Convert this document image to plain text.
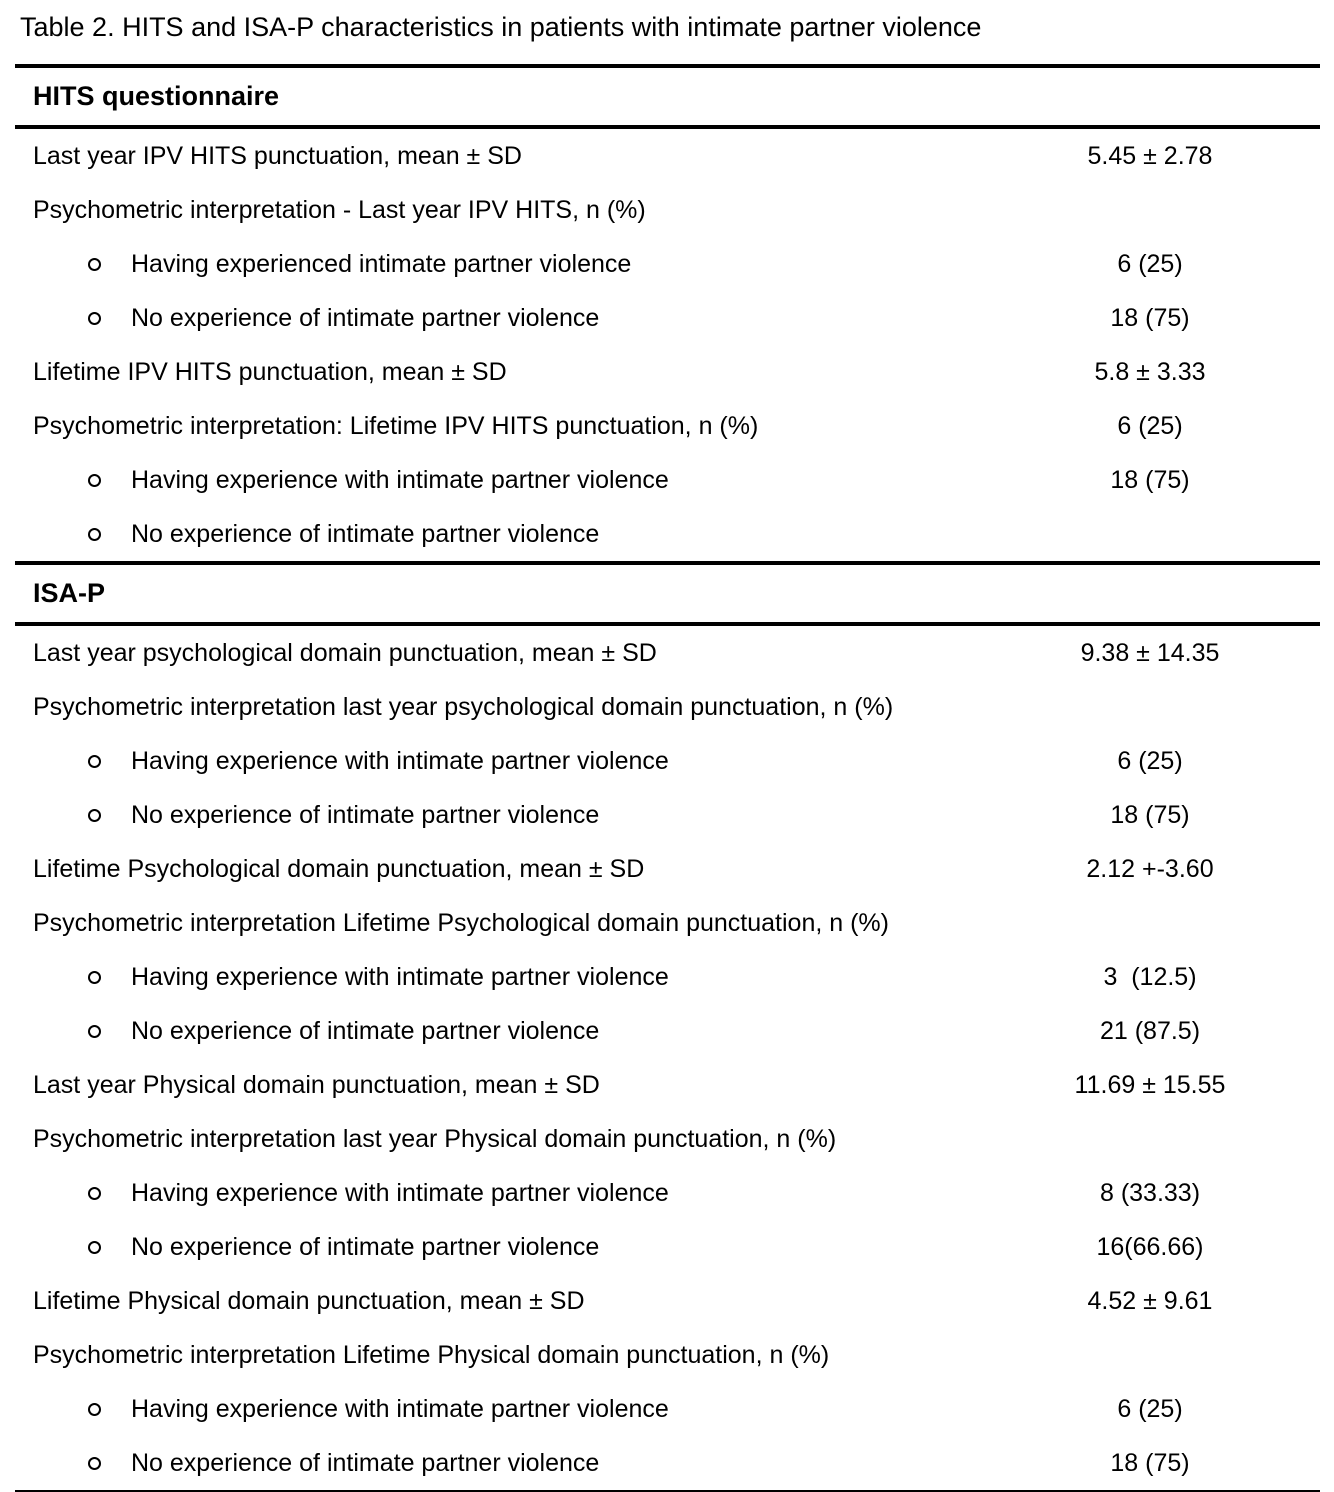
Table 2. HITS and ISA-P characteristics in patients with intimate partner violence
HITS questionnaire
Last year IPV HITS punctuation, mean ± SD	5.45 ± 2.78
Psychometric interpretation - Last year IPV HITS, n (%)
Having experienced intimate partner violence	6 (25)
No experience of intimate partner violence	18 (75)
Lifetime IPV HITS punctuation, mean ± SD	5.8 ± 3.33
Psychometric interpretation: Lifetime IPV HITS punctuation, n (%)	6 (25)
Having experience with intimate partner violence	18 (75)
No experience of intimate partner violence
ISA-P
Last year psychological domain punctuation, mean ± SD	9.38 ± 14.35
Psychometric interpretation last year psychological domain punctuation, n (%)
Having experience with intimate partner violence	6 (25)
No experience of intimate partner violence	18 (75)
Lifetime Psychological domain punctuation, mean ± SD	2.12 +-3.60
Psychometric interpretation Lifetime Psychological domain punctuation, n (%)
Having experience with intimate partner violence	3  (12.5)
No experience of intimate partner violence	21 (87.5)
Last year Physical domain punctuation, mean ± SD	11.69 ± 15.55
Psychometric interpretation last year Physical domain punctuation, n (%)
Having experience with intimate partner violence	8 (33.33)
No experience of intimate partner violence	16(66.66)
Lifetime Physical domain punctuation, mean ± SD	4.52 ± 9.61
Psychometric interpretation Lifetime Physical domain punctuation, n (%)
Having experience with intimate partner violence	6 (25)
No experience of intimate partner violence	18 (75)
